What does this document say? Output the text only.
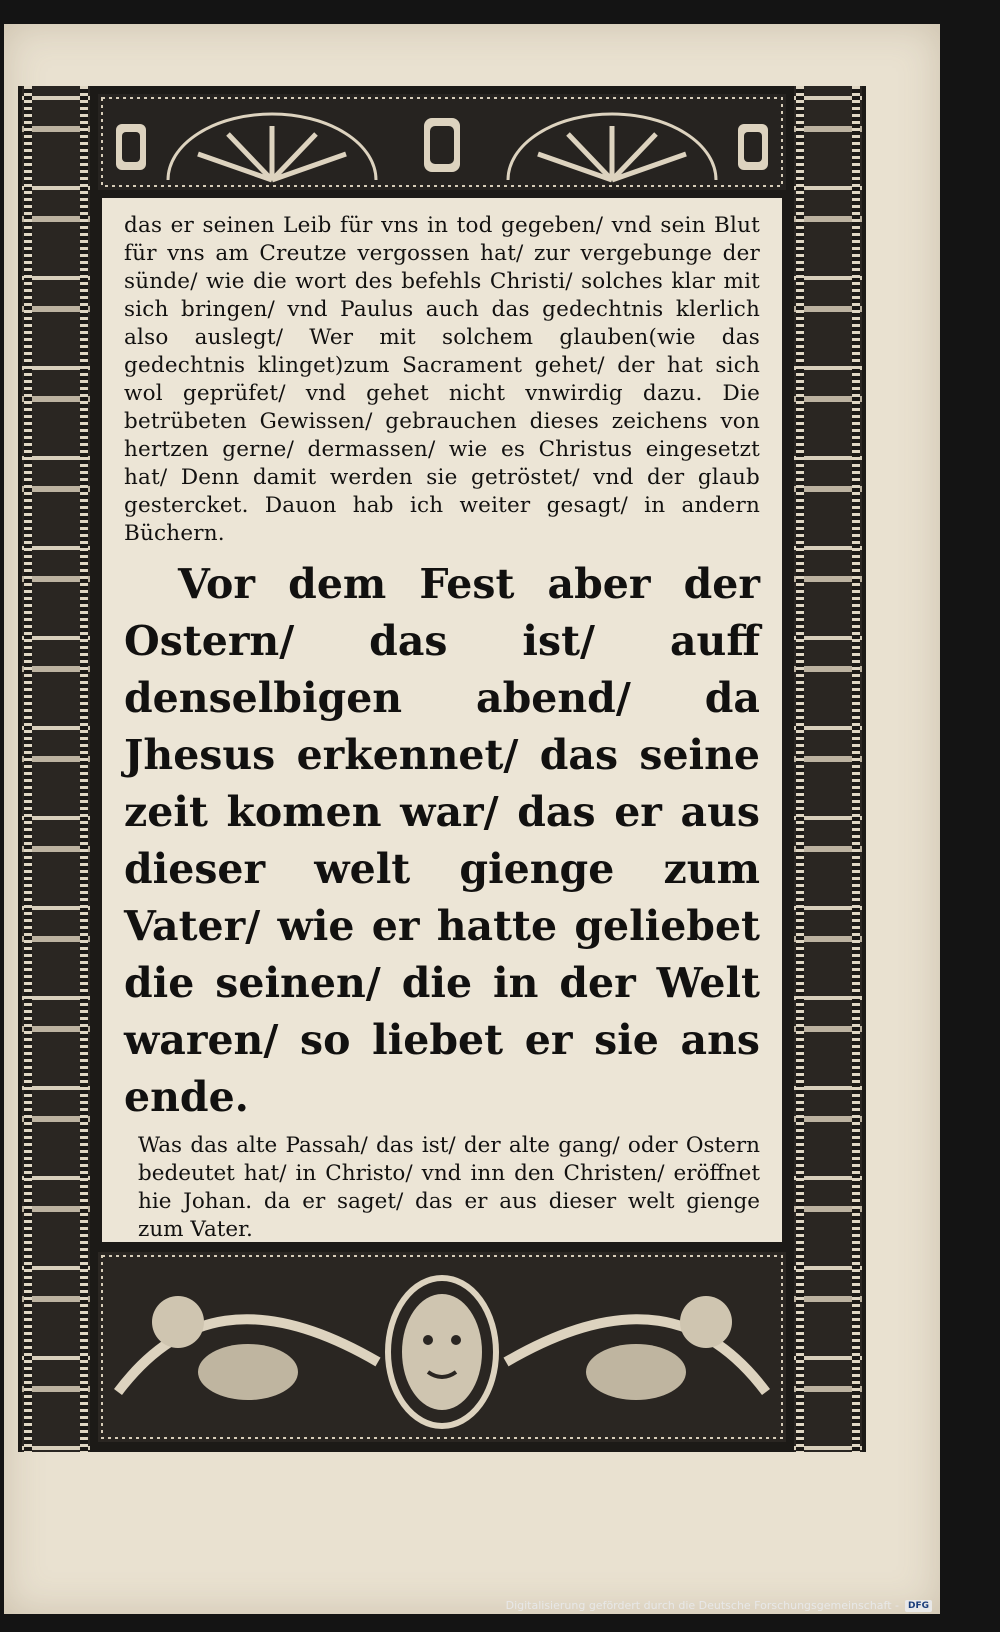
das er seinen Leib für vns in tod gegeben/ vnd sein Blut für vns am Creutze vergossen hat/ zur vergebunge der sünde/ wie die wort des befehls Christi/ solches klar mit sich bringen/ vnd Paulus auch das gedechtnis klerlich also auslegt/ Wer mit solchem glauben(wie das gedechtnis klinget)zum Sacrament gehet/ der hat sich wol geprüfet/ vnd gehet nicht vnwirdig dazu. Die betrübeten Gewissen/ gebrauchen dieses zeichens von hertzen gerne/ dermassen/ wie es Christus eingesetzt hat/ Denn damit werden sie getröstet/ vnd der glaub gestercket. Dauon hab ich weiter gesagt/ in andern Büchern.

Vor dem Fest aber der Ostern/ das ist/ auff denselbigen abend/ da Jhesus erkennet/ das seine zeit komen war/ das er aus dieser welt gienge zum Vater/ wie er hatte geliebet die seinen/ die in der Welt waren/ so liebet er sie ans ende.

Was das alte Passah/ das ist/ der alte gang/ oder Ostern bedeutet hat/ in Christo/ vnd inn den Christen/ eröffnet hie Johan. da er saget/ das er aus dieser welt gienge zum Vater.

Digitalisierung gefördert durch die Deutsche Forschungsgemeinschaft -	DFG
